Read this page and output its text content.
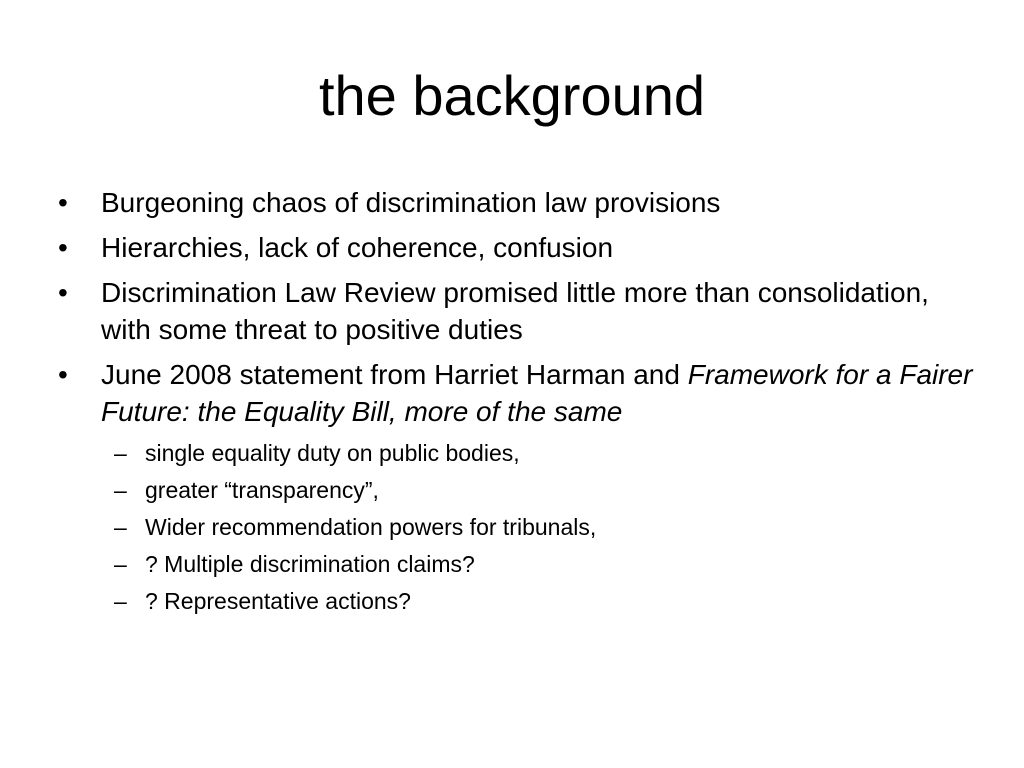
the background
•	Burgeoning chaos of discrimination law provisions
•	Hierarchies, lack of coherence, confusion
•	Discrimination Law Review promised little more than consolidation, with some threat to positive duties
•	June 2008 statement from Harriet Harman and Framework for a Fairer Future: the Equality Bill, more of the same
– single equality duty on public bodies,
– greater “transparency”,
– Wider recommendation powers for tribunals,
– ? Multiple discrimination claims?
– ? Representative actions?
